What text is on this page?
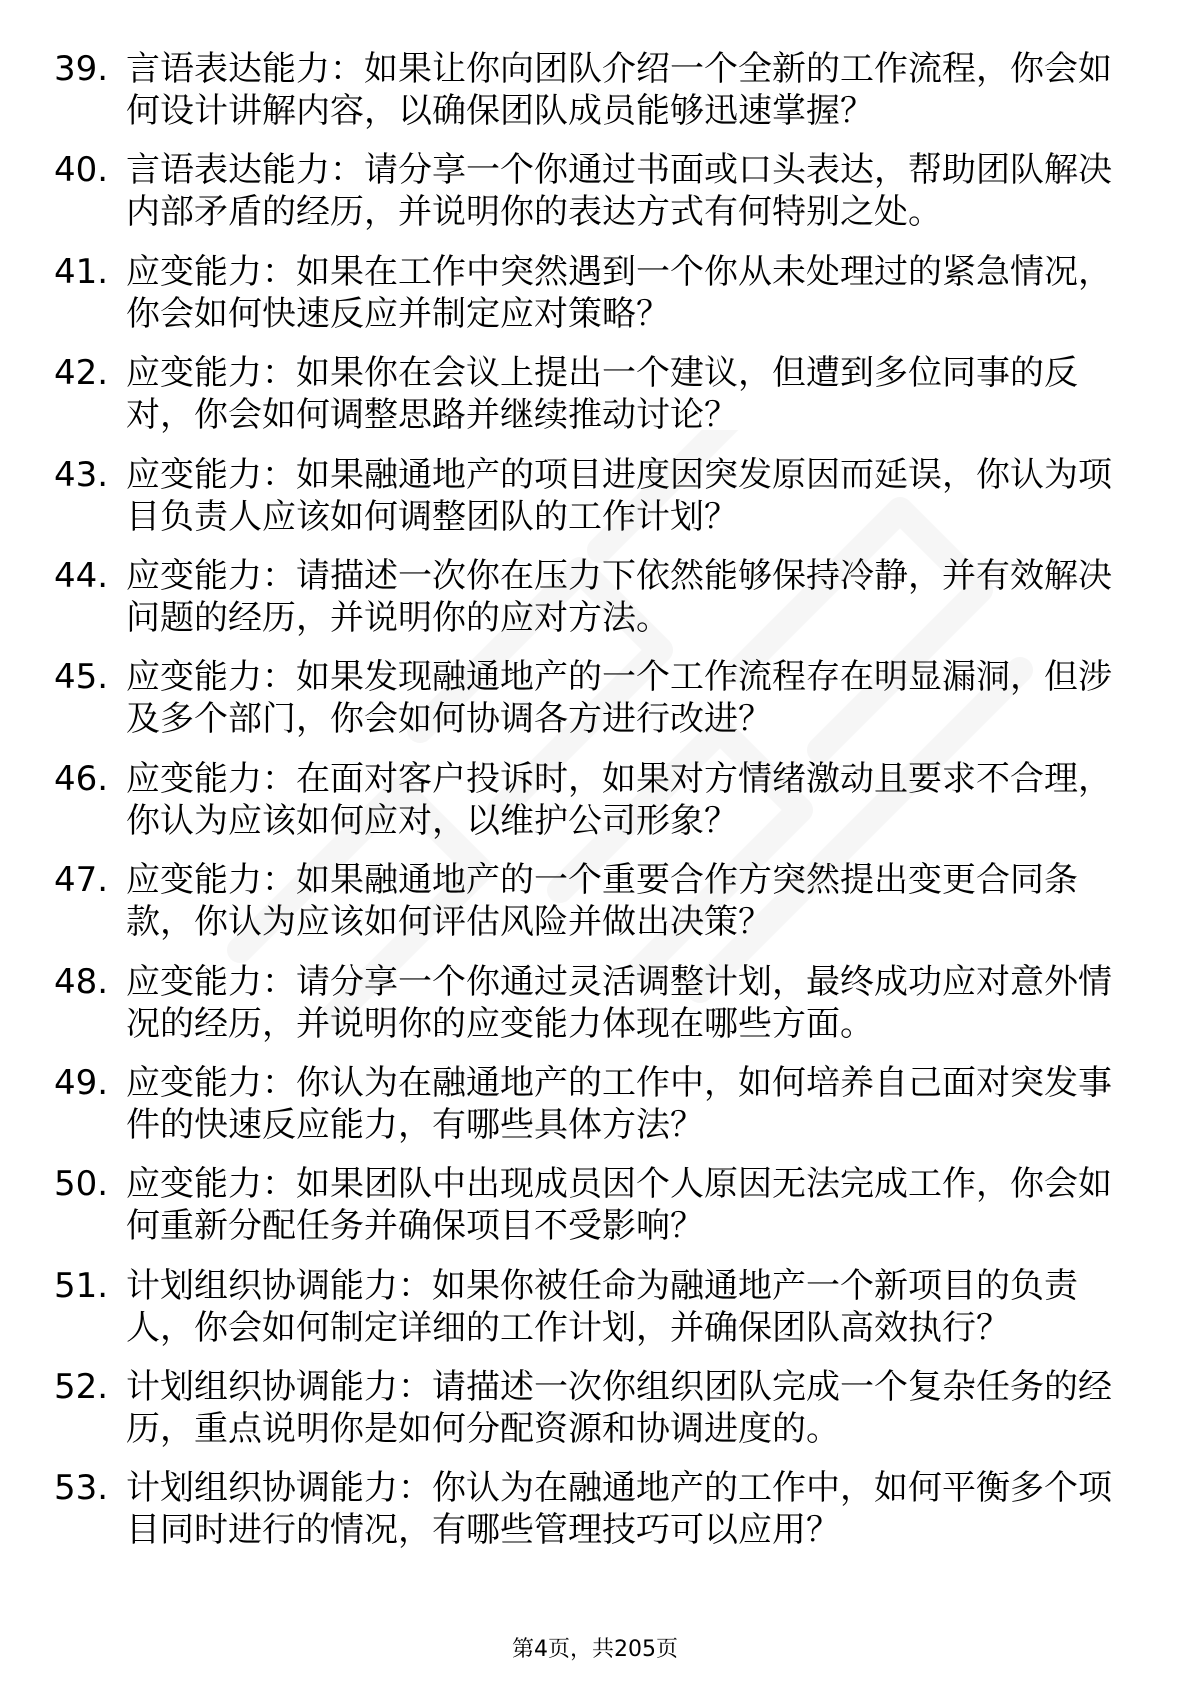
39. 言语表达能力：如果让你向团队介绍一个全新的工作流程，你会如何设计讲解内容，以确保团队成员能够迅速掌握？
40. 言语表达能力：请分享一个你通过书面或口头表达，帮助团队解决内部矛盾的经历，并说明你的表达方式有何特别之处。
41. 应变能力：如果在工作中突然遇到一个你从未处理过的紧急情况，你会如何快速反应并制定应对策略？
42. 应变能力：如果你在会议上提出一个建议，但遭到多位同事的反对，你会如何调整思路并继续推动讨论？
43. 应变能力：如果融通地产的项目进度因突发原因而延误，你认为项目负责人应该如何调整团队的工作计划？
44. 应变能力：请描述一次你在压力下依然能够保持冷静，并有效解决问题的经历，并说明你的应对方法。
45. 应变能力：如果发现融通地产的一个工作流程存在明显漏洞，但涉及多个部门，你会如何协调各方进行改进？
46. 应变能力：在面对客户投诉时，如果对方情绪激动且要求不合理，你认为应该如何应对，以维护公司形象？
47. 应变能力：如果融通地产的一个重要合作方突然提出变更合同条款，你认为应该如何评估风险并做出决策？
48. 应变能力：请分享一个你通过灵活调整计划，最终成功应对意外情况的经历，并说明你的应变能力体现在哪些方面。
49. 应变能力：你认为在融通地产的工作中，如何培养自己面对突发事件的快速反应能力，有哪些具体方法？
50. 应变能力：如果团队中出现成员因个人原因无法完成工作，你会如何重新分配任务并确保项目不受影响？
51. 计划组织协调能力：如果你被任命为融通地产一个新项目的负责人，你会如何制定详细的工作计划，并确保团队高效执行？
52. 计划组织协调能力：请描述一次你组织团队完成一个复杂任务的经历，重点说明你是如何分配资源和协调进度的。
53. 计划组织协调能力：你认为在融通地产的工作中，如何平衡多个项目同时进行的情况，有哪些管理技巧可以应用？
第4页，共205页
